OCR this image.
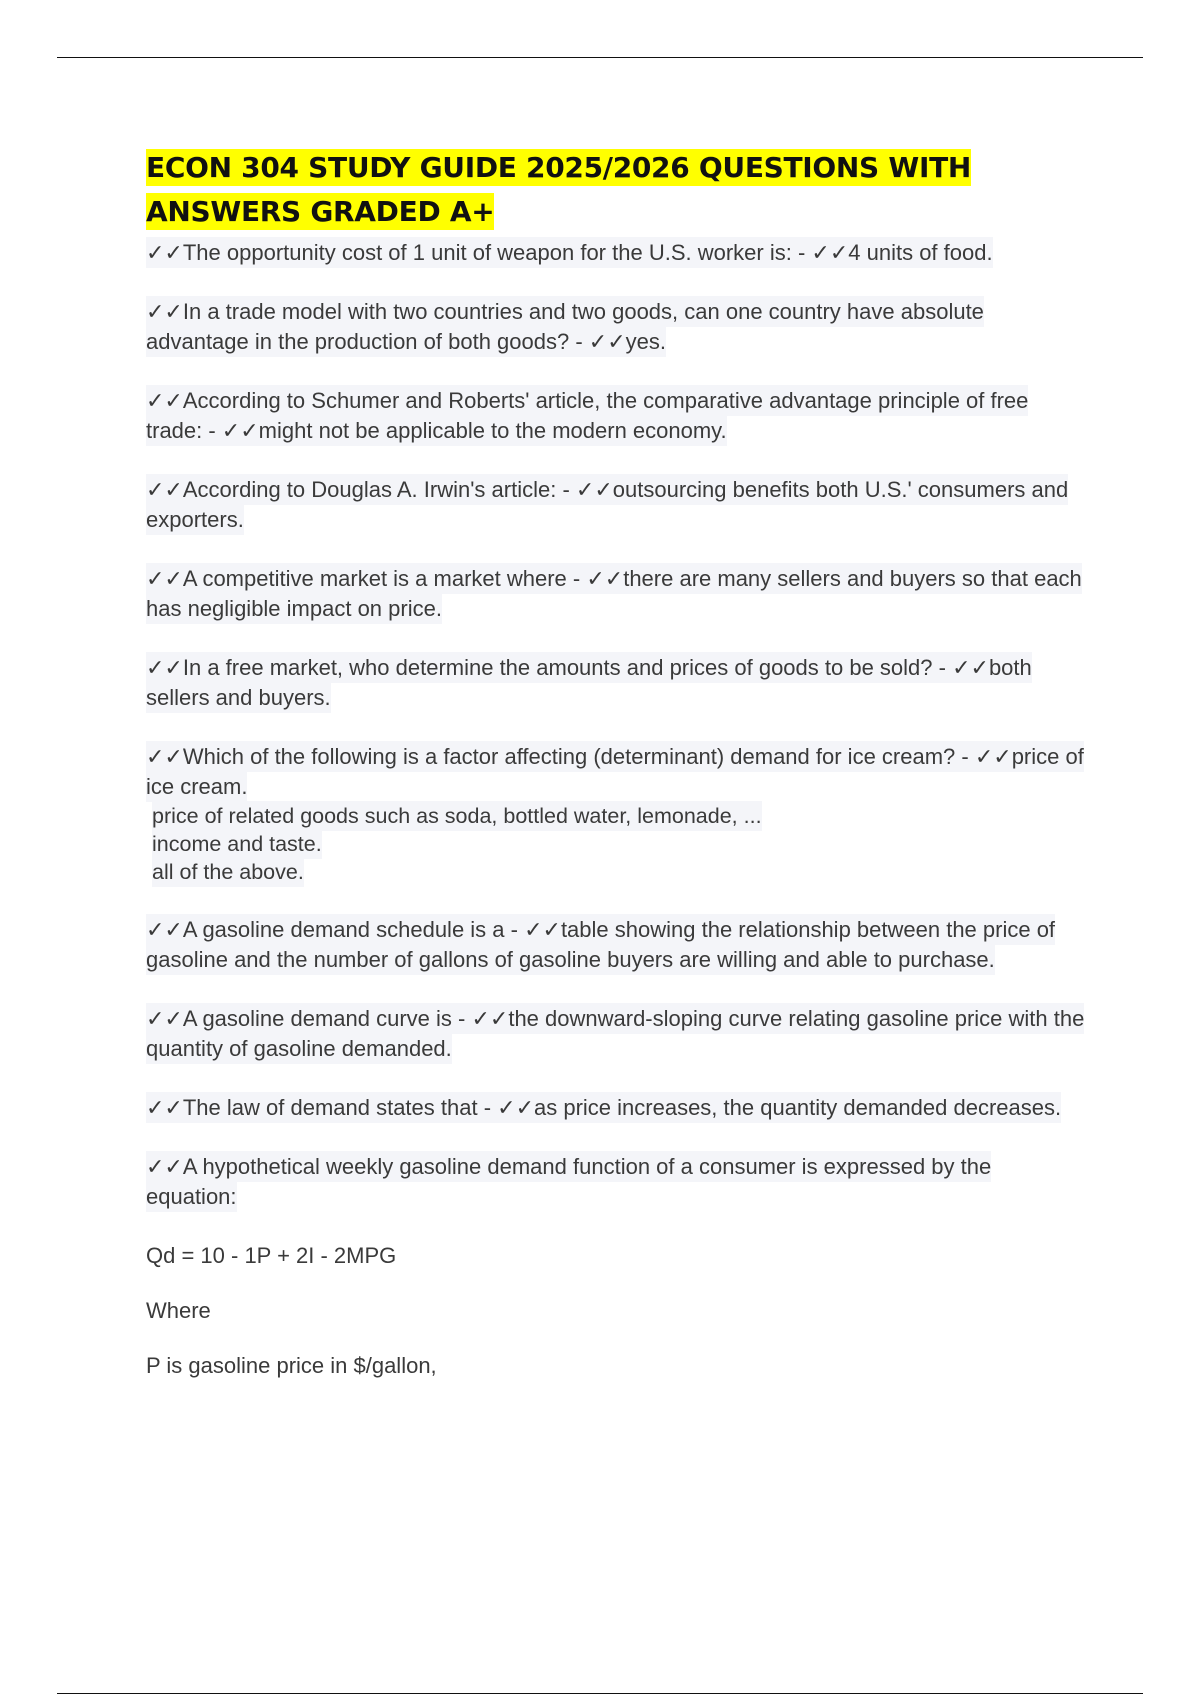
ECON 304 STUDY GUIDE 2025/2026 QUESTIONS WITH ANSWERS GRADED A+
✓✓The opportunity cost of 1 unit of weapon for the U.S. worker is: - ✓✓4 units of food.
✓✓In a trade model with two countries and two goods, can one country have absolute advantage in the production of both goods? - ✓✓yes.
✓✓According to Schumer and Roberts' article, the comparative advantage principle of free trade: - ✓✓might not be applicable to the modern economy.
✓✓According to Douglas A. Irwin's article: - ✓✓outsourcing benefits both U.S.' consumers and exporters.
✓✓A competitive market is a market where - ✓✓there are many sellers and buyers so that each has negligible impact on price.
✓✓In a free market, who determine the amounts and prices of goods to be sold? - ✓✓both sellers and buyers.
✓✓Which of the following is a factor affecting (determinant) demand for ice cream? - ✓✓price of ice cream.
price of related goods such as soda, bottled water, lemonade, ...
income and taste.
all of the above.
✓✓A gasoline demand schedule is a - ✓✓table showing the relationship between the price of gasoline and the number of gallons of gasoline buyers are willing and able to purchase.
✓✓A gasoline demand curve is - ✓✓the downward-sloping curve relating gasoline price with the quantity of gasoline demanded.
✓✓The law of demand states that - ✓✓as price increases, the quantity demanded decreases.
✓✓A hypothetical weekly gasoline demand function of a consumer is expressed by the equation:
Qd = 10 - 1P + 2I - 2MPG
Where
P is gasoline price in $/gallon,
